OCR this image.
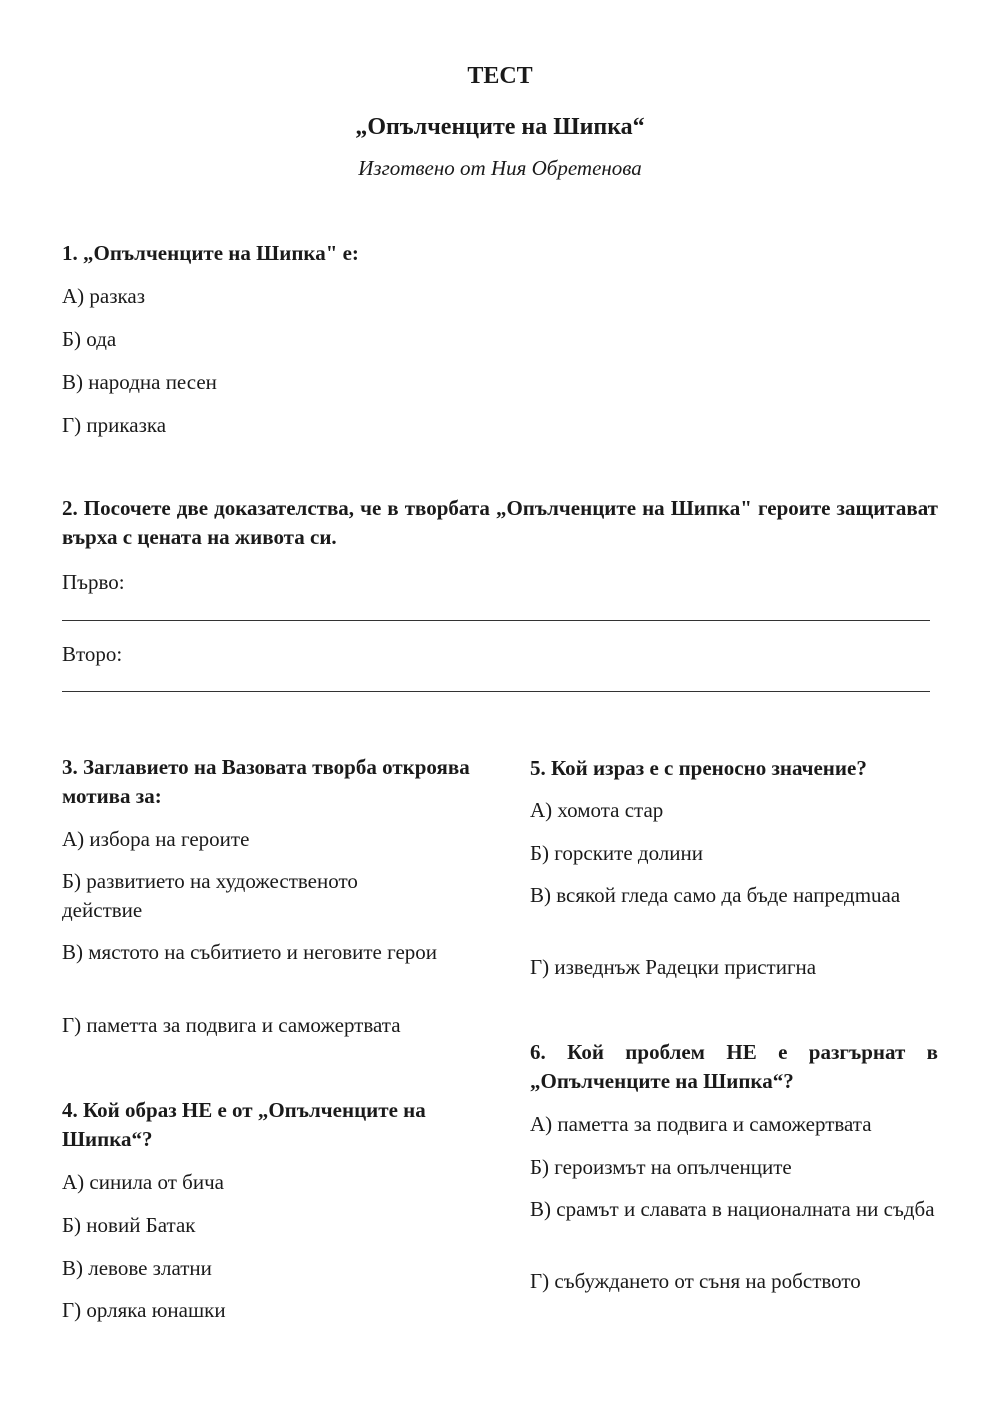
ТЕСТ
„Опълченците на Шипка“
Изготвено от Ния Обретенова
1. „Опълченците на Шипка" е:
А) разказ
Б) ода
В) народна песен
Г) приказка
2. Посочете две доказателства, че в творбата „Опълченците на Шипка" героите защитават върха с цената на живота си.
Първо:
Второ:
3. Заглавието на Вазовата творба откроява мотива за:
А) избора на героите
Б) развитието на художественото действие
В) мястото на събитието и неговите герои
Г) паметта за подвига и саможертвата
4. Кой образ НЕ е от „Опълченците на Шипка“?
А) синила от бича
Б) новий Батак
В) левове златни
Г) орляка юнашки
5. Кой израз е с преносно значение?
А) хомота стар
Б) горските долини
В) всякой гледа само да бъде напредmuaa
Г) изведнъж Радецки пристигна
6. Кой проблем НЕ е разгърнат в „Опълченците на Шипка“?
А) паметта за подвига и саможертвата
Б) героизмът на опълченците
В) срамът и славата в националната ни съдба
Г) събуждането от съня на робството
